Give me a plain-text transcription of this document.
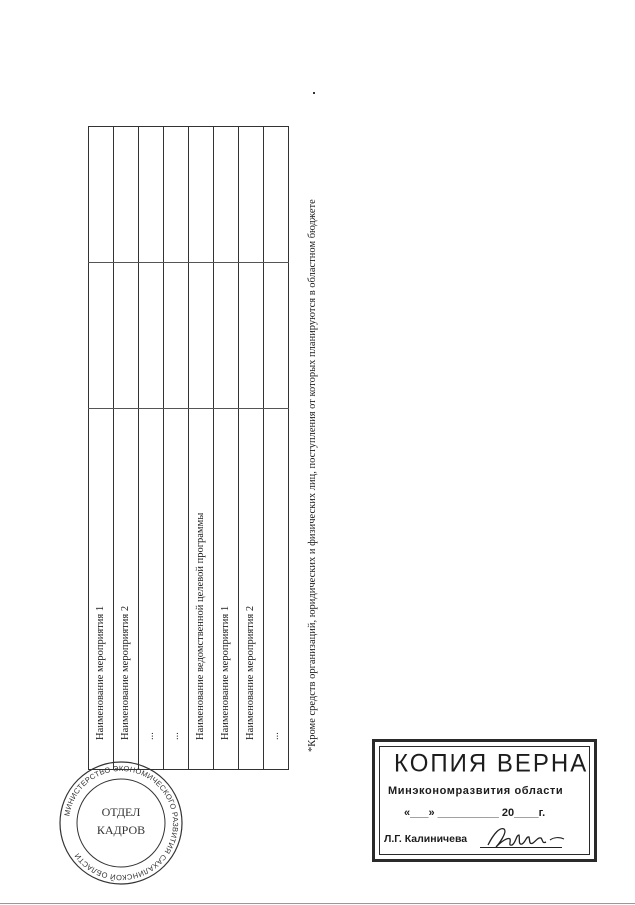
Наименование мероприятия 1 Наименование мероприятия 2 ... ... Наименование ведомственной целевой программы Наименование мероприятия 1 Наименование мероприятия 2 ... *Кроме средств организаций, юридических и физических лиц, поступления от которых планируются в областном бюджете
МИНИСТЕРСТВО ЭКОНОМИЧЕСКОГО РАЗВИТИЯ САХАЛИНСКОЙ ОБЛАСТИ
ОТДЕЛ
КАДРОВ
КОПИЯ ВЕРНА
Минэкономразвития области
«___» __________ 20____г.
Л.Г. Калиничева
